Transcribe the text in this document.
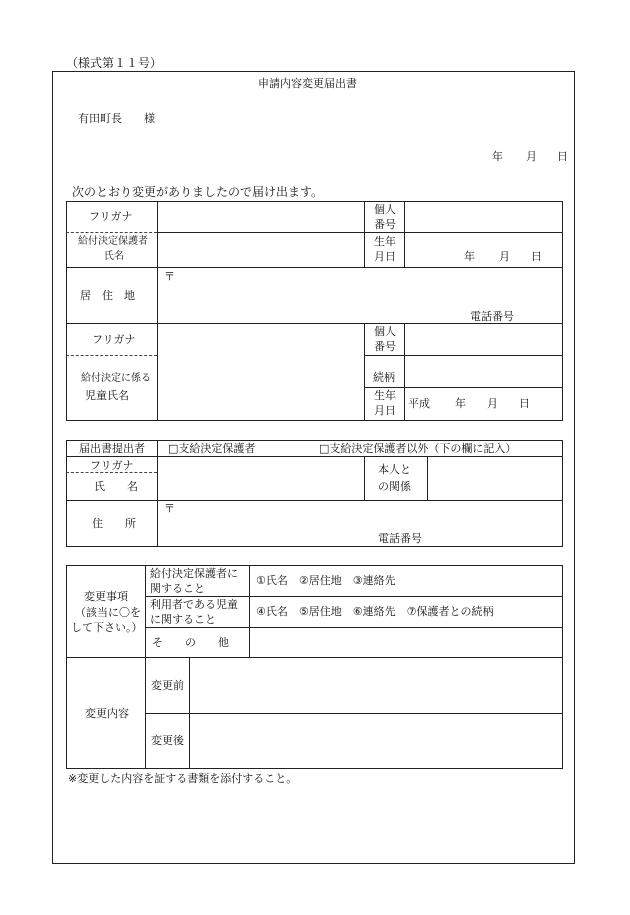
（様式第１１号）
申請内容変更届出書
有田町長　　様
年 月 日
次のとおり変更がありましたので届け出ます。
フリガナ
給付決定保護者
氏名
個人
番号
生年
月日	年 月 日
居　住　地
〒
電話番号
フリガナ
個人
番号
給付決定に係る
児童氏名
続柄
生年
月日
平成 年 月 日
届出書提出者 □支給決定保護者	□支給決定保護者以外（下の欄に記入）
フリガナ
氏　　名
本人と
の関係
住　　所
〒
電話番号
変更事項
（該当に〇を
して下さい。）
給付決定保護者に
関すること
①氏名　②居住地　③連絡先
利用者である児童
に関すること
④氏名　⑤居住地　⑥連絡先　⑦保護者との続柄
そ　　の　　他
変更内容
変更前
変更後
※変更した内容を証する書類を添付すること。
